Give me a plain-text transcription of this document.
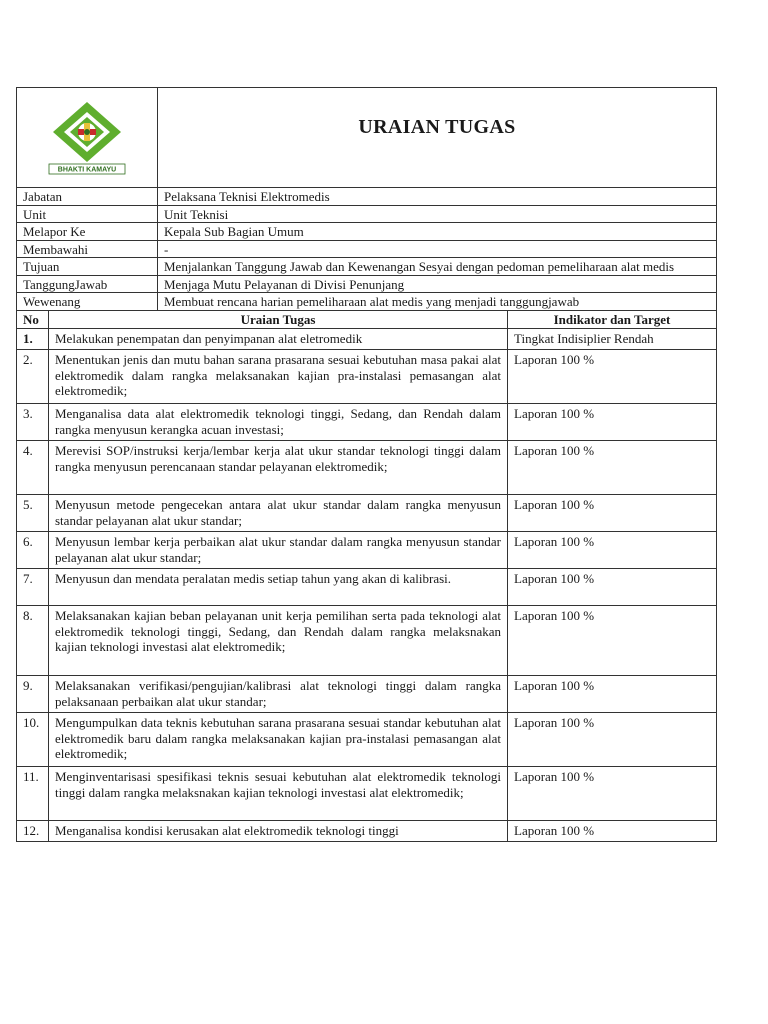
BHAKTI KAMAYU

URAIAN TUGAS
Jabatan	Pelaksana Teknisi Elektromedis
Unit	Unit Teknisi
Melapor Ke	Kepala Sub Bagian Umum
Membawahi	-
Tujuan	Menjalankan Tanggung Jawab dan Kewenangan Sesyai dengan pedoman pemeliharaan alat medis
TanggungJawab	Menjaga Mutu Pelayanan di Divisi Penunjang
Wewenang	Membuat rencana harian pemeliharaan alat medis yang menjadi tanggungjawab
No	Uraian Tugas	Indikator dan Target
1.	Melakukan penempatan dan penyimpanan alat eletromedik	Tingkat Indisiplier Rendah
2.	Menentukan jenis dan mutu bahan sarana prasarana sesuai kebutuhan masa pakai alat elektromedik dalam rangka melaksanakan kajian pra-instalasi pemasangan alat elektromedik;	Laporan 100 %
3.	Menganalisa data alat elektromedik teknologi tinggi, Sedang, dan Rendah dalam rangka menyusun kerangka acuan investasi;	Laporan 100 %
4.	Merevisi SOP/instruksi kerja/lembar kerja alat ukur standar teknologi tinggi dalam rangka menyusun perencanaan standar pelayanan elektromedik;	Laporan 100 %
5.	Menyusun metode pengecekan antara alat ukur standar dalam rangka menyusun standar pelayanan alat ukur standar;	Laporan 100 %
6.	Menyusun lembar kerja perbaikan alat ukur standar dalam rangka menyusun standar pelayanan alat ukur standar;	Laporan 100 %
7.	Menyusun dan mendata peralatan medis setiap tahun yang akan di kalibrasi.	Laporan 100 %
8.	Melaksanakan kajian beban pelayanan unit kerja pemilihan serta pada teknologi alat elektromedik teknologi tinggi, Sedang, dan Rendah dalam rangka melaksnakan kajian teknologi investasi alat elektromedik;	Laporan 100 %
9.	Melaksanakan verifikasi/pengujian/kalibrasi alat teknologi tinggi dalam rangka pelaksanaan perbaikan alat ukur standar;	Laporan 100 %
10.	Mengumpulkan data teknis kebutuhan sarana prasarana sesuai standar kebutuhan alat elektromedik baru dalam rangka melaksanakan kajian pra-instalasi pemasangan alat elektromedik;	Laporan 100 %
11.	Menginventarisasi spesifikasi teknis sesuai kebutuhan alat elektromedik teknologi tinggi dalam rangka melaksnakan kajian teknologi investasi alat elektromedik;	Laporan 100 %
12.	Menganalisa kondisi kerusakan alat elektromedik teknologi tinggi	Laporan 100 %
